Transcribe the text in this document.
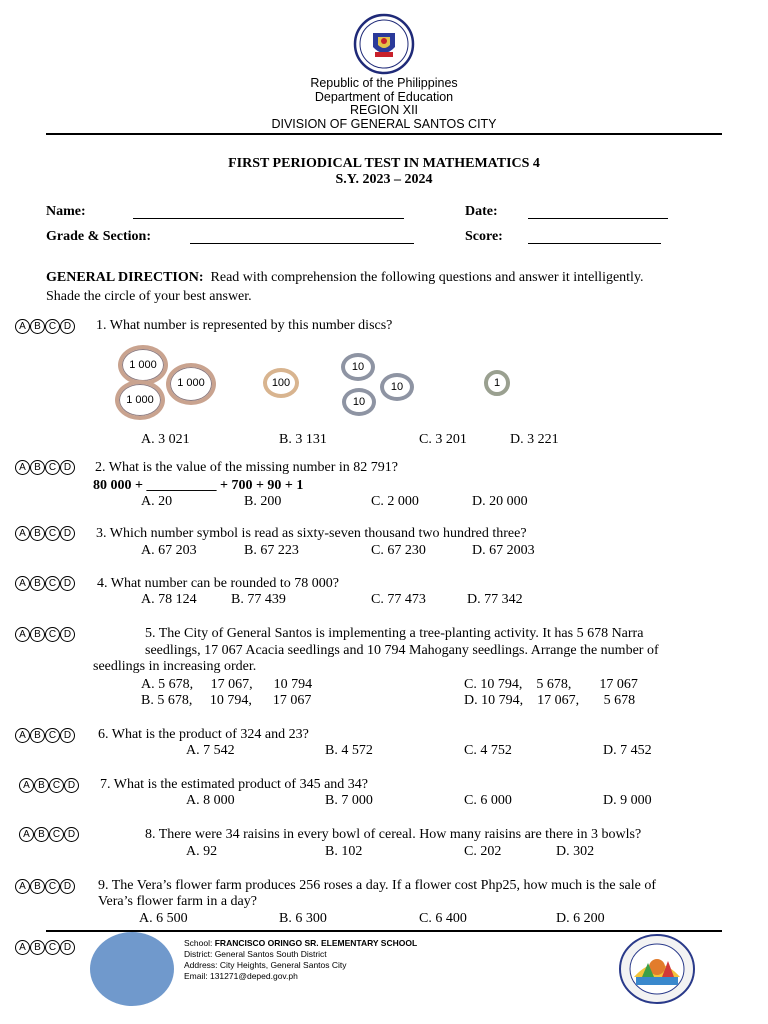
Republic of the Philippines
Department of Education
REGION XII
DIVISION OF GENERAL SANTOS CITY
FIRST PERIODICAL TEST IN MATHEMATICS 4
S.Y. 2023 – 2024
Name:	Date:
Grade & Section:	Score:
GENERAL DIRECTION: Read with comprehension the following questions and answer it intelligently.
Shade the circle of your best answer.
A B C D 1. What number is represented by this number discs?
1 000
1 000
1 000
100
10
10
10
1
A. 3 021	B. 3 131	C. 3 201	D. 3 221
A B C D 2. What is the value of the missing number in 82 791?
80 000 + __________ + 700 + 90 + 1
A. 20	B. 200	C. 2 000	D. 20 000
A B C D 3. Which number symbol is read as sixty-seven thousand two hundred three?
A. 67 203	B. 67 223	C. 67 230	D. 67 2003
A B C D 4. What number can be rounded to 78 000?
A. 78 124 B. 77 439	C. 77 473	D. 77 342
A B C D	5. The City of General Santos is implementing a tree-planting activity. It has 5 678 Narra
seedlings, 17 067 Acacia seedlings and 10 794 Mahogany seedlings. Arrange the number of
seedlings in increasing order.
A. 5 678,     17 067,      10 794	C. 10 794,    5 678,        17 067
B. 5 678,     10 794,      17 067	D. 10 794,    17 067,       5 678
A B C D 6. What is the product of 324 and 23?
A. 7 542	B. 4 572	C. 4 752	D. 7 452
A B C D 7. What is the estimated product of 345 and 34?
A. 8 000	B. 7 000	C. 6 000	D. 9 000
A B C D	8. There were 34 raisins in every bowl of cereal. How many raisins are there in 3 bowls?
A. 92	B. 102	C. 202	D. 302
A B C D 9. The Vera’s flower farm produces 256 roses a day. If a flower cost Php25, how much is the sale of
Vera’s flower farm in a day?
A. 6 500	B. 6 300	C. 6 400	D. 6 200
A B C D	School: FRANCISCO ORINGO SR. ELEMENTARY SCHOOL
District: General Santos South District
Address: City Heights, General Santos City
Email: 131271@deped.gov.ph
